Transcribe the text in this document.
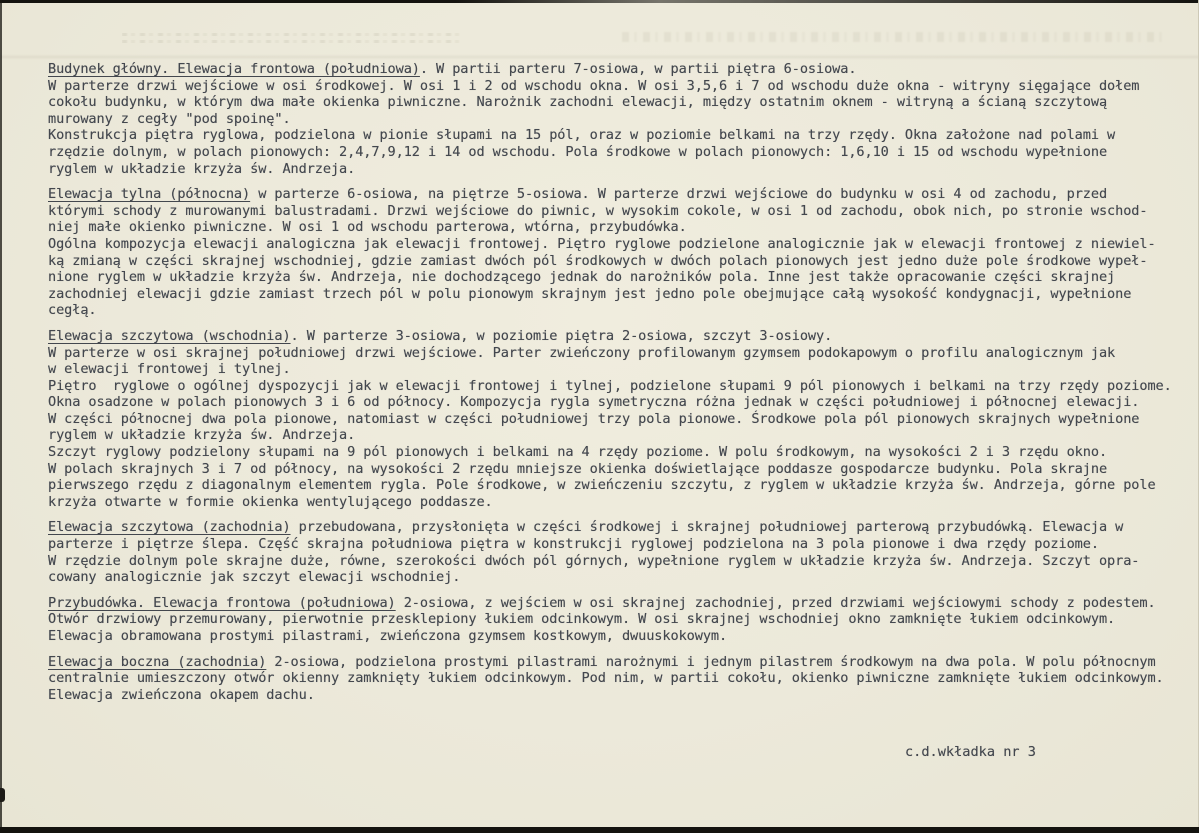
Budynek główny. Elewacja frontowa (południowa). W partii parteru 7-osiowa, w partii piętra 6-osiowa.
W parterze drzwi wejściowe w osi środkowej. W osi 1 i 2 od wschodu okna. W osi 3,5,6 i 7 od wschodu duże okna - witryny sięgające dołem
cokołu budynku, w którym dwa małe okienka piwniczne. Narożnik zachodni elewacji, między ostatnim oknem - witryną a ścianą szczytową
murowany z cegły "pod spoinę".
Konstrukcja piętra ryglowa, podzielona w pionie słupami na 15 pól, oraz w poziomie belkami na trzy rzędy. Okna założone nad polami w
rzędzie dolnym, w polach pionowych: 2,4,7,9,12 i 14 od wschodu. Pola środkowe w polach pionowych: 1,6,10 i 15 od wschodu wypełnione
ryglem w układzie krzyża św. Andrzeja.
Elewacja tylna (północna) w parterze 6-osiowa, na piętrze 5-osiowa. W parterze drzwi wejściowe do budynku w osi 4 od zachodu, przed
którymi schody z murowanymi balustradami. Drzwi wejściowe do piwnic, w wysokim cokole, w osi 1 od zachodu, obok nich, po stronie wschod-
niej małe okienko piwniczne. W osi 1 od wschodu parterowa, wtórna, przybudówka.
Ogólna kompozycja elewacji analogiczna jak elewacji frontowej. Piętro ryglowe podzielone analogicznie jak w elewacji frontowej z niewiel-
ką zmianą w części skrajnej wschodniej, gdzie zamiast dwóch pól środkowych w dwóch polach pionowych jest jedno duże pole środkowe wypeł-
nione ryglem w układzie krzyża św. Andrzeja, nie dochodzącego jednak do narożników pola. Inne jest także opracowanie części skrajnej
zachodniej elewacji gdzie zamiast trzech pól w polu pionowym skrajnym jest jedno pole obejmujące całą wysokość kondygnacji, wypełnione
cegłą.
Elewacja szczytowa (wschodnia). W parterze 3-osiowa, w poziomie piętra 2-osiowa, szczyt 3-osiowy.
W parterze w osi skrajnej południowej drzwi wejściowe. Parter zwieńczony profilowanym gzymsem podokapowym o profilu analogicznym jak
w elewacji frontowej i tylnej.
Piętro  ryglowe o ogólnej dyspozycji jak w elewacji frontowej i tylnej, podzielone słupami 9 pól pionowych i belkami na trzy rzędy poziome.
Okna osadzone w polach pionowych 3 i 6 od północy. Kompozycja rygla symetryczna różna jednak w części południowej i północnej elewacji.
W części północnej dwa pola pionowe, natomiast w części południowej trzy pola pionowe. Środkowe pola pól pionowych skrajnych wypełnione
ryglem w układzie krzyża św. Andrzeja.
Szczyt ryglowy podzielony słupami na 9 pól pionowych i belkami na 4 rzędy poziome. W polu środkowym, na wysokości 2 i 3 rzędu okno.
W polach skrajnych 3 i 7 od północy, na wysokości 2 rzędu mniejsze okienka doświetlające poddasze gospodarcze budynku. Pola skrajne
pierwszego rzędu z diagonalnym elementem rygla. Pole środkowe, w zwieńczeniu szczytu, z ryglem w układzie krzyża św. Andrzeja, górne pole
krzyża otwarte w formie okienka wentylującego poddasze.
Elewacja szczytowa (zachodnia) przebudowana, przysłonięta w części środkowej i skrajnej południowej parterową przybudówką. Elewacja w
parterze i piętrze ślepa. Część skrajna południowa piętra w konstrukcji ryglowej podzielona na 3 pola pionowe i dwa rzędy poziome.
W rzędzie dolnym pole skrajne duże, równe, szerokości dwóch pól górnych, wypełnione ryglem w układzie krzyża św. Andrzeja. Szczyt opra-
cowany analogicznie jak szczyt elewacji wschodniej.
Przybudówka. Elewacja frontowa (południowa) 2-osiowa, z wejściem w osi skrajnej zachodniej, przed drzwiami wejściowymi schody z podestem.
Otwór drzwiowy przemurowany, pierwotnie przesklepiony łukiem odcinkowym. W osi skrajnej wschodniej okno zamknięte łukiem odcinkowym.
Elewacja obramowana prostymi pilastrami, zwieńczona gzymsem kostkowym, dwuuskokowym.
Elewacja boczna (zachodnia) 2-osiowa, podzielona prostymi pilastrami narożnymi i jednym pilastrem środkowym na dwa pola. W polu północnym
centralnie umieszczony otwór okienny zamknięty łukiem odcinkowym. Pod nim, w partii cokołu, okienko piwniczne zamknięte łukiem odcinkowym.
Elewacja zwieńczona okapem dachu.
c.d.wkładka nr 3
